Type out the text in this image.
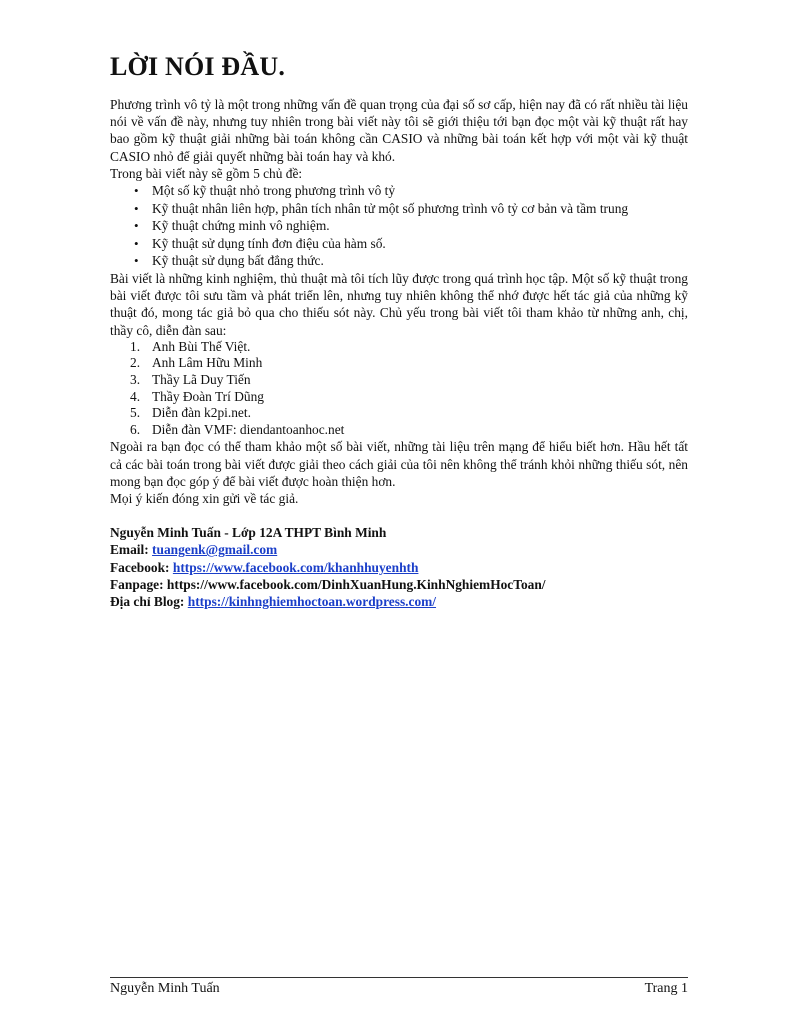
LỜI NÓI ĐẦU.

Phương trình vô tỷ là một trong những vấn đề quan trọng của đại số sơ cấp, hiện nay đã có rất nhiều tài liệu nói về vấn đề này, nhưng tuy nhiên trong bài viết này tôi sẽ giới thiệu tới bạn đọc một vài kỹ thuật rất hay bao gồm kỹ thuật giải những bài toán không cần CASIO và những bài toán kết hợp với một vài kỹ thuật CASIO nhỏ để giải quyết những bài toán hay và khó.

Trong bài viết này sẽ gồm 5 chủ đề:

• Một số kỹ thuật nhỏ trong phương trình vô tỷ
• Kỹ thuật nhân liên hợp, phân tích nhân tử một số phương trình vô tỷ cơ bản và tầm trung
• Kỹ thuật chứng minh vô nghiệm.
• Kỹ thuật sử dụng tính đơn điệu của hàm số.
• Kỹ thuật sử dụng bất đẳng thức.

Bài viết là những kinh nghiệm, thủ thuật mà tôi tích lũy được trong quá trình học tập. Một số kỹ thuật trong bài viết được tôi sưu tầm và phát triển lên, nhưng tuy nhiên không thể nhớ được hết tác giả của những kỹ thuật đó, mong tác giả bỏ qua cho thiếu sót này. Chủ yếu trong bài viết tôi tham khảo từ những anh, chị, thầy cô, diễn đàn sau:

1. Anh Bùi Thế Việt.
2. Anh Lâm Hữu Minh
3. Thầy Lã Duy Tiến
4. Thầy Đoàn Trí Dũng
5. Diễn đàn k2pi.net.
6. Diễn đàn VMF: diendantoanhoc.net

Ngoài ra bạn đọc có thể tham khảo một số bài viết, những tài liệu trên mạng để hiểu biết hơn. Hầu hết tất cả các bài toán trong bài viết được giải theo cách giải của tôi nên không thể tránh khỏi những thiếu sót, nên mong bạn đọc góp ý để bài viết được hoàn thiện hơn.

Mọi ý kiến đóng xin gửi về tác giả.

Nguyễn Minh Tuấn - Lớp 12A THPT Bình Minh
Email: tuangenk@gmail.com
Facebook: https://www.facebook.com/khanhhuyenhth
Fanpage: https://www.facebook.com/DinhXuanHung.KinhNghiemHocToan/
Địa chỉ Blog: https://kinhnghiemhoctoan.wordpress.com/
Nguyễn Minh Tuấn	Trang 1
